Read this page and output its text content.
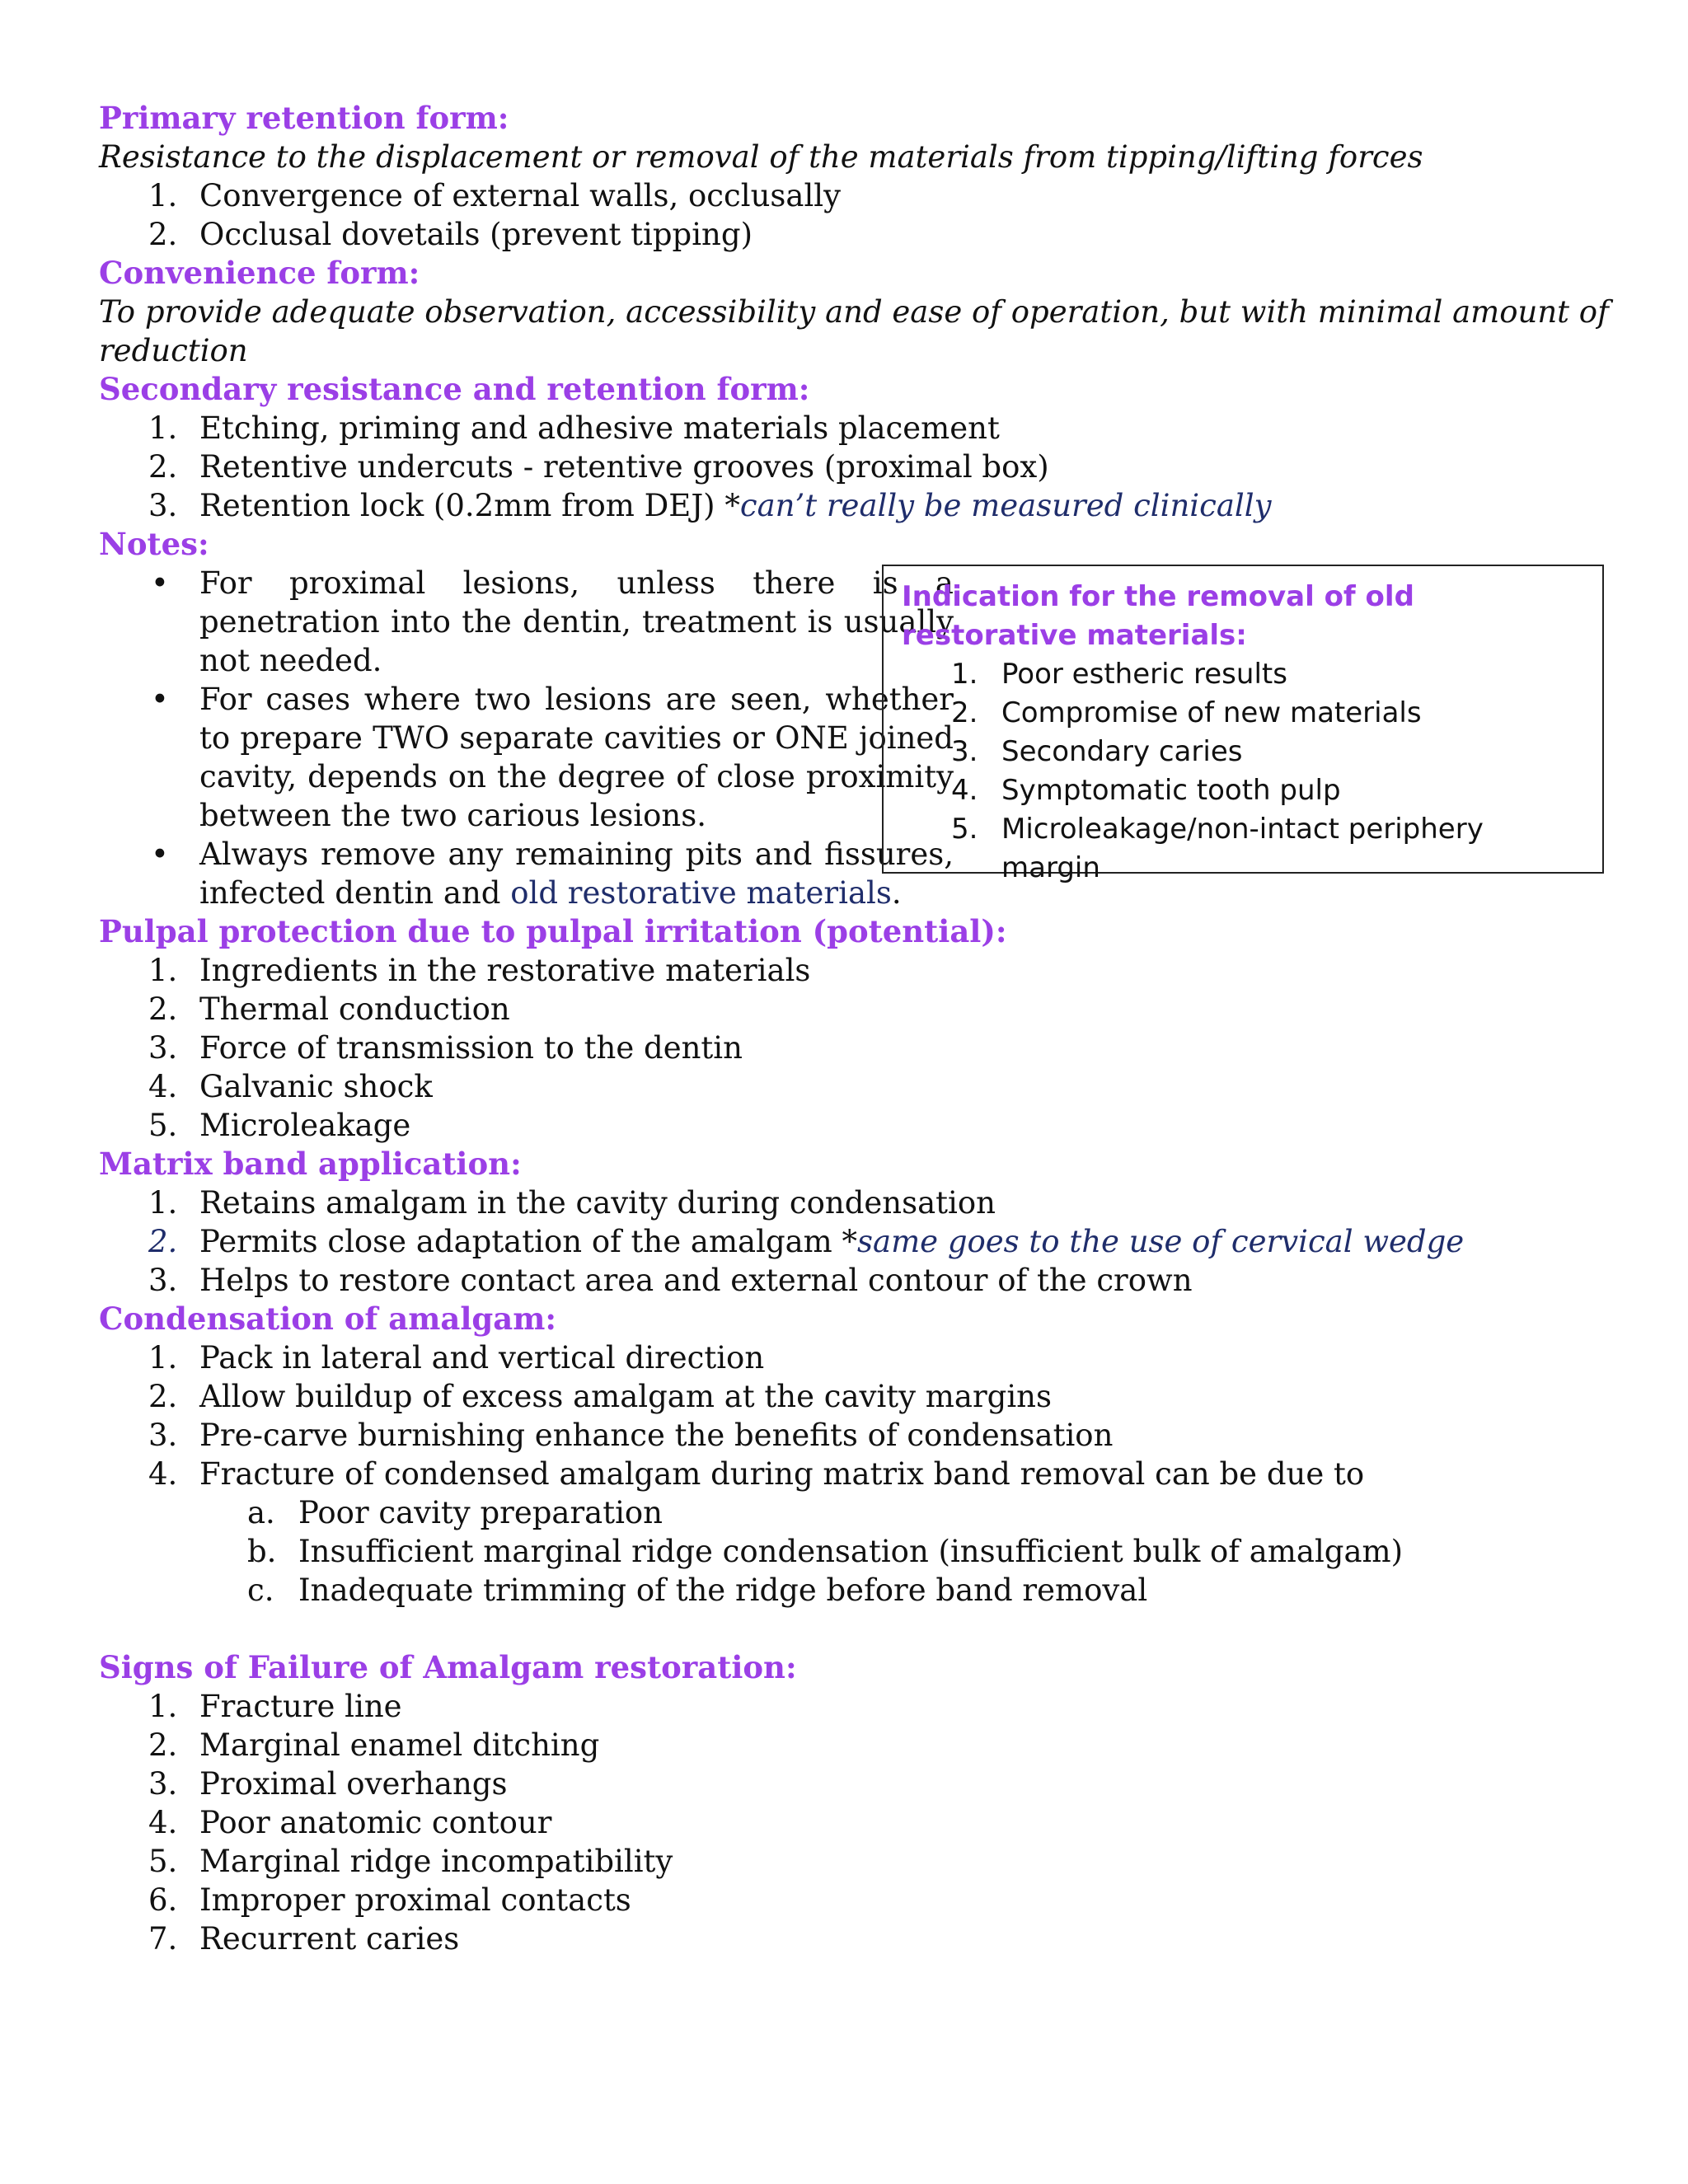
Primary retention form:
Resistance to the displacement or removal of the materials from tipping/lifting forces
1. Convergence of external walls, occlusally
2. Occlusal dovetails (prevent tipping)
Convenience form:
To provide adequate observation, accessibility and ease of operation, but with minimal amount of reduction
Secondary resistance and retention form:
1. Etching, priming and adhesive materials placement
2. Retentive undercuts - retentive grooves (proximal box)
3. Retention lock (0.2mm from DEJ) *can’t really be measured clinically
Notes:
• For proximal lesions, unless there is a penetration into the dentin, treatment is usually not needed.
• For cases where two lesions are seen, whether to prepare TWO separate cavities or ONE joined cavity, depends on the degree of close proximity between the two carious lesions.
• Always remove any remaining pits and fissures, infected dentin and old restorative materials.
Pulpal protection due to pulpal irritation (potential):
1. Ingredients in the restorative materials
2. Thermal conduction
3. Force of transmission to the dentin
4. Galvanic shock
5. Microleakage
Matrix band application:
1. Retains amalgam in the cavity during condensation
2. Permits close adaptation of the amalgam *same goes to the use of cervical wedge
3. Helps to restore contact area and external contour of the crown
Condensation of amalgam:
1. Pack in lateral and vertical direction
2. Allow buildup of excess amalgam at the cavity margins
3. Pre-carve burnishing enhance the benefits of condensation
4. Fracture of condensed amalgam during matrix band removal can be due to
a. Poor cavity preparation
b. Insufficient marginal ridge condensation (insufficient bulk of amalgam)
c. Inadequate trimming of the ridge before band removal
Signs of Failure of Amalgam restoration:
1. Fracture line
2. Marginal enamel ditching
3. Proximal overhangs
4. Poor anatomic contour
5. Marginal ridge incompatibility
6. Improper proximal contacts
7. Recurrent caries
Indication for the removal of old restorative materials:
1. Poor estheric results
2. Compromise of new materials
3. Secondary caries
4. Symptomatic tooth pulp
5. Microleakage/non-intact periphery margin
